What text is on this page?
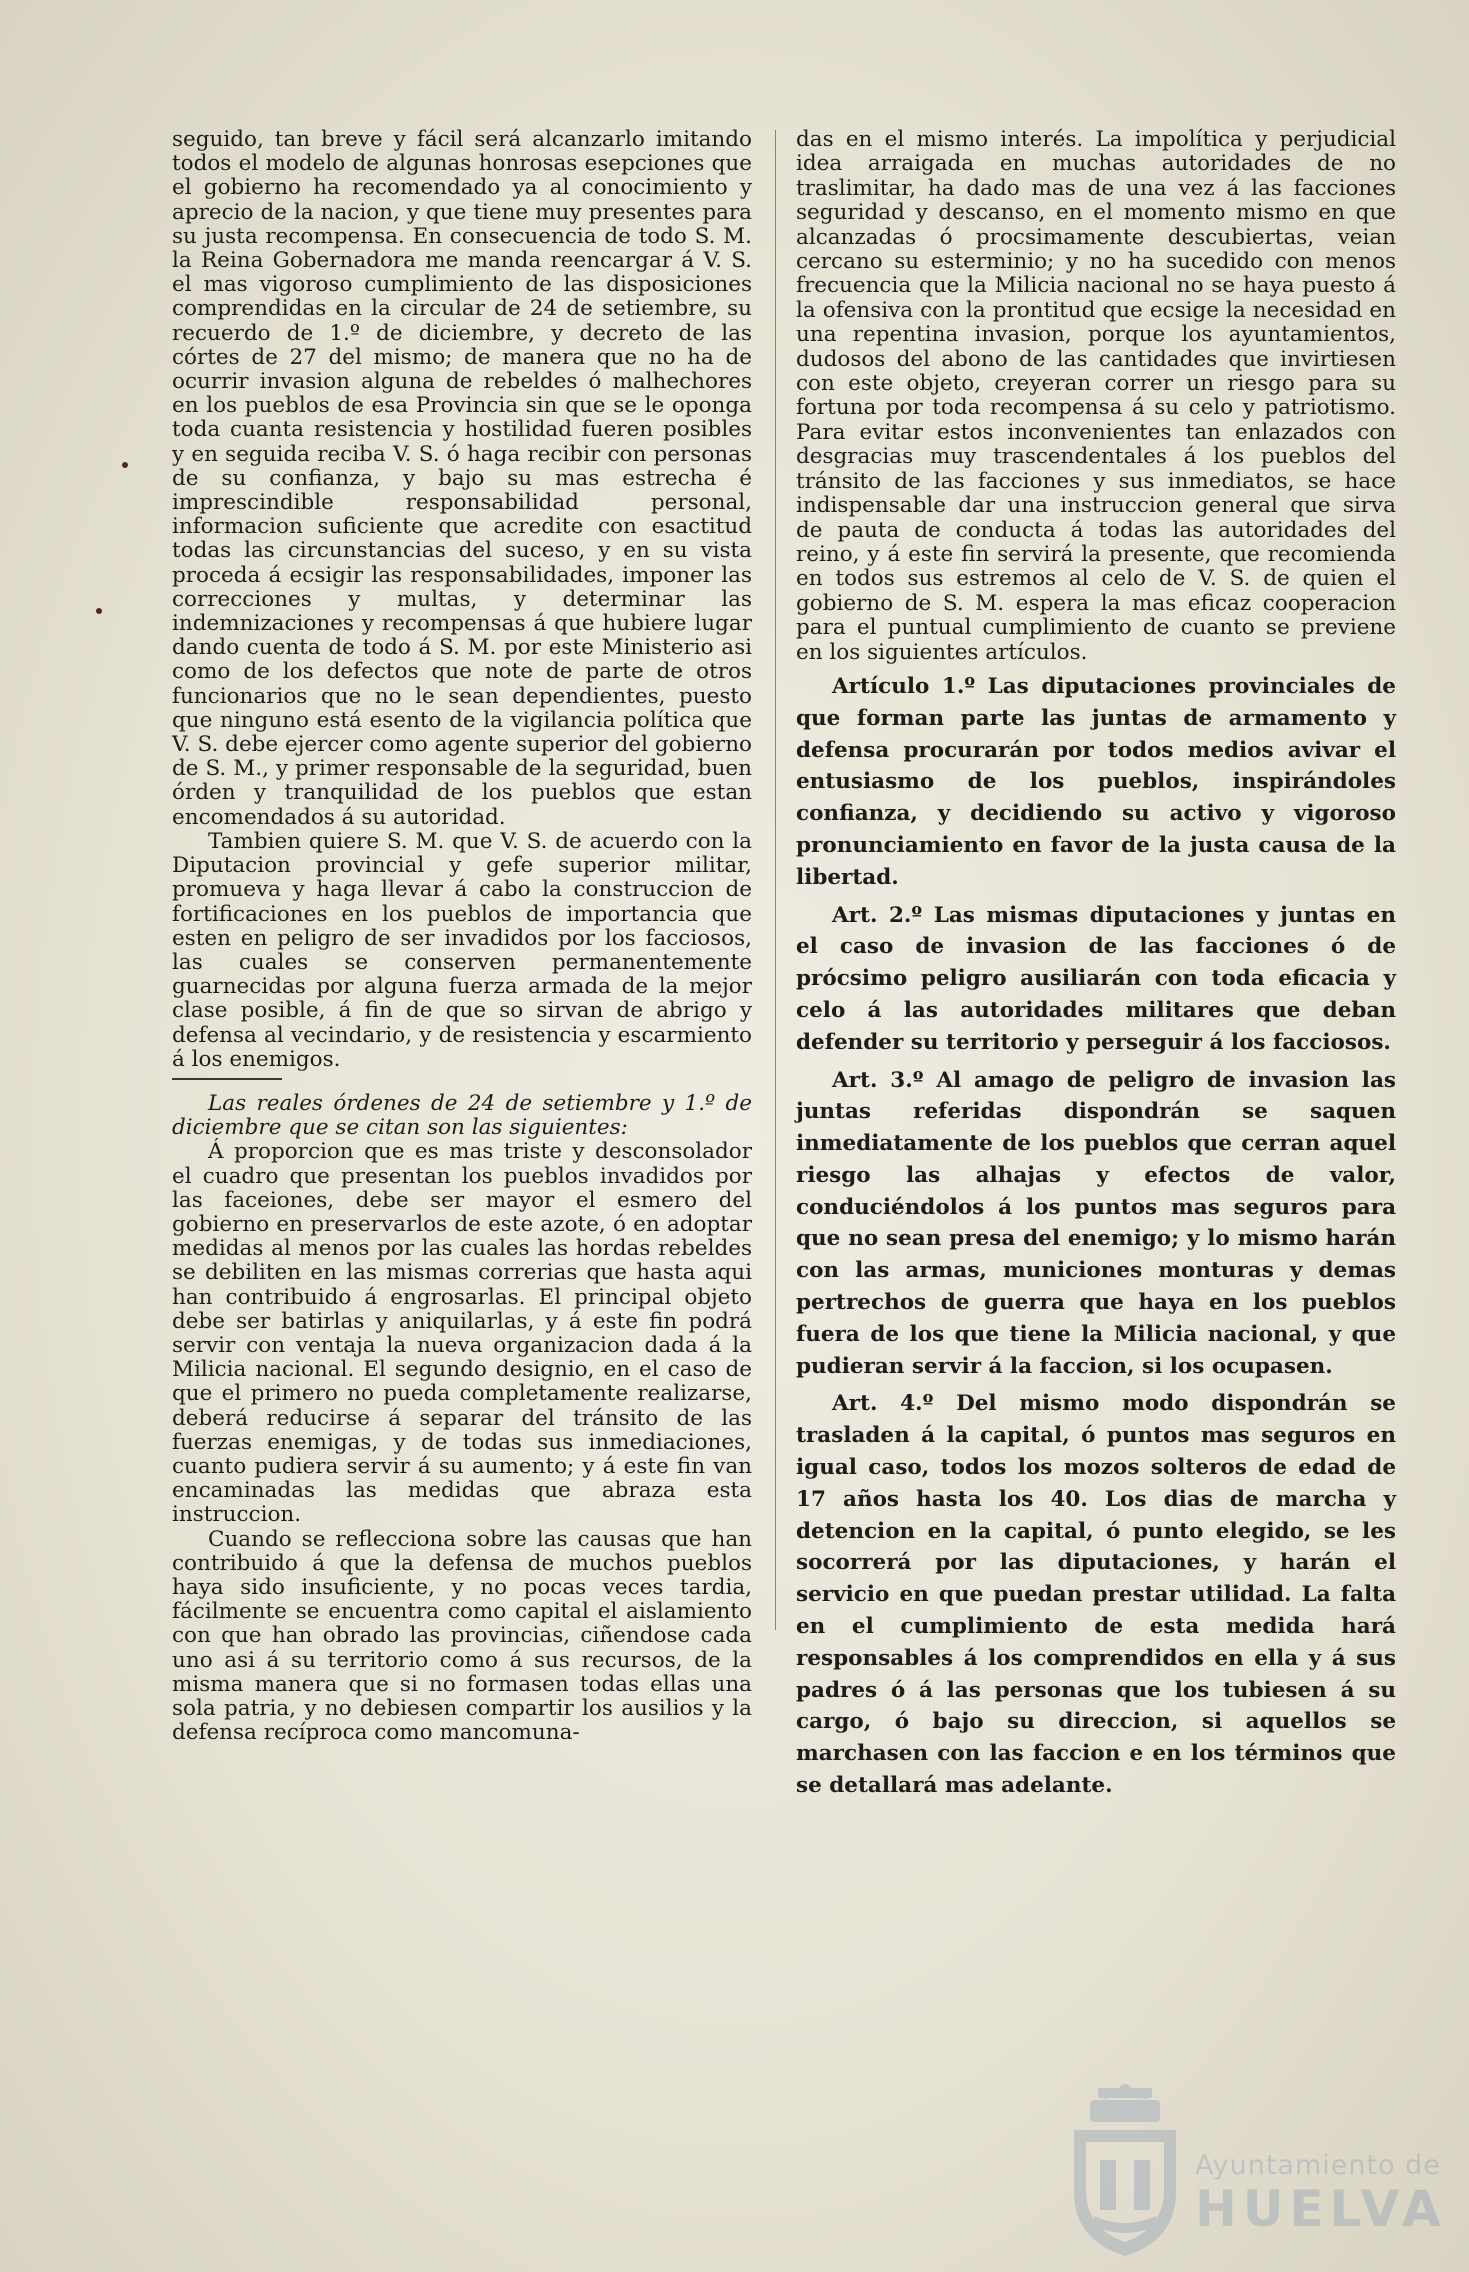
seguido, tan breve y fácil será alcanzarlo imitando todos el modelo de algunas honrosas esepciones que el gobierno ha recomendado ya al conocimiento y aprecio de la nacion, y que tiene muy presentes para su justa recompensa. En consecuencia de todo S. M. la Reina Gobernadora me manda reencargar á V. S. el mas vigoroso cumplimiento de las disposiciones comprendidas en la circular de 24 de setiembre, su recuerdo de 1.º de diciembre, y decreto de las córtes de 27 del mismo; de manera que no ha de ocurrir invasion alguna de rebeldes ó malhechores en los pueblos de esa Provincia sin que se le oponga toda cuanta resistencia y hostilidad fueren posibles y en seguida reciba V. S. ó haga recibir con personas de su confianza, y bajo su mas estrecha é imprescindible responsabilidad personal, informacion suficiente que acredite con esactitud todas las circunstancias del suceso, y en su vista proceda á ecsigir las responsabilidades, imponer las correcciones y multas, y determinar las indemnizaciones y recompensas á que hubiere lugar dando cuenta de todo á S. M. por este Ministerio asi como de los defectos que note de parte de otros funcionarios que no le sean dependientes, puesto que ninguno está esento de la vigilancia política que V. S. debe ejercer como agente superior del gobierno de S. M., y primer responsable de la seguridad, buen órden y tranquilidad de los pueblos que estan encomendados á su autoridad.

Tambien quiere S. M. que V. S. de acuerdo con la Diputacion provincial y gefe superior militar, promueva y haga llevar á cabo la construccion de fortificaciones en los pueblos de importancia que esten en peligro de ser invadidos por los facciosos, las cuales se conserven permanentemente guarnecidas por alguna fuerza armada de la mejor clase posible, á fin de que so sirvan de abrigo y defensa al vecindario, y de resistencia y escarmiento á los enemigos.

Las reales órdenes de 24 de setiembre y 1.º de diciembre que se citan son las siguientes:

Á proporcion que es mas triste y desconsolador el cuadro que presentan los pueblos invadidos por las faceiones, debe ser mayor el esmero del gobierno en preservarlos de este azote, ó en adoptar medidas al menos por las cuales las hordas rebeldes se debiliten en las mismas correrias que hasta aqui han contribuido á engrosarlas. El principal objeto debe ser batirlas y aniquilarlas, y á este fin podrá servir con ventaja la nueva organizacion dada á la Milicia nacional. El segundo designio, en el caso de que el primero no pueda completamente realizarse, deberá reducirse á separar del tránsito de las fuerzas enemigas, y de todas sus inmediaciones, cuanto pudiera servir á su aumento; y á este fin van encaminadas las medidas que abraza esta instruccion.

Cuando se reflecciona sobre las causas que han contribuido á que la defensa de muchos pueblos haya sido insuficiente, y no pocas veces tardia, fácilmente se encuentra como capital el aislamiento con que han obrado las provincias, ciñendose cada uno asi á su territorio como á sus recursos, de la misma manera que si no formasen todas ellas una sola patria, y no debiesen compartir los ausilios y la defensa recíproca como mancomuna-

das en el mismo interés. La impolítica y perjudicial idea arraigada en muchas autoridades de no traslimitar, ha dado mas de una vez á las facciones seguridad y descanso, en el momento mismo en que alcanzadas ó procsimamente descubiertas, veian cercano su esterminio; y no ha sucedido con menos frecuencia que la Milicia nacional no se haya puesto á la ofensiva con la prontitud que ecsige la necesidad en una repentina invasion, porque los ayuntamientos, dudosos del abono de las cantidades que invirtiesen con este objeto, creyeran correr un riesgo para su fortuna por toda recompensa á su celo y patriotismo. Para evitar estos inconvenientes tan enlazados con desgracias muy trascendentales á los pueblos del tránsito de las facciones y sus inmediatos, se hace indispensable dar una instruccion general que sirva de pauta de conducta á todas las autoridades del reino, y á este fin servirá la presente, que recomienda en todos sus estremos al celo de V. S. de quien el gobierno de S. M. espera la mas eficaz cooperacion para el puntual cumplimiento de cuanto se previene en los siguientes artículos.

Artículo 1.º Las diputaciones provinciales de que forman parte las juntas de armamento y defensa procurarán por todos medios avivar el entusiasmo de los pueblos, inspirándoles confianza, y decidiendo su activo y vigoroso pronunciamiento en favor de la justa causa de la libertad.

Art. 2.º Las mismas diputaciones y juntas en el caso de invasion de las facciones ó de prócsimo peligro ausiliarán con toda eficacia y celo á las autoridades militares que deban defender su territorio y perseguir á los facciosos.

Art. 3.º Al amago de peligro de invasion las juntas referidas dispondrán se saquen inmediatamente de los pueblos que cerran aquel riesgo las alhajas y efectos de valor, conduciéndolos á los puntos mas seguros para que no sean presa del enemigo; y lo mismo harán con las armas, municiones monturas y demas pertrechos de guerra que haya en los pueblos fuera de los que tiene la Milicia nacional, y que pudieran servir á la faccion, si los ocupasen.

Art. 4.º Del mismo modo dispondrán se trasladen á la capital, ó puntos mas seguros en igual caso, todos los mozos solteros de edad de 17 años hasta los 40. Los dias de marcha y detencion en la capital, ó punto elegido, se les socorrerá por las diputaciones, y harán el servicio en que puedan prestar utilidad. La falta en el cumplimiento de esta medida hará responsables á los comprendidos en ella y á sus padres ó á las personas que los tubiesen á su cargo, ó bajo su direccion, si aquellos se marchasen con las faccion e en los términos que se detallará mas adelante.

Ayuntamiento de
HUELVA
